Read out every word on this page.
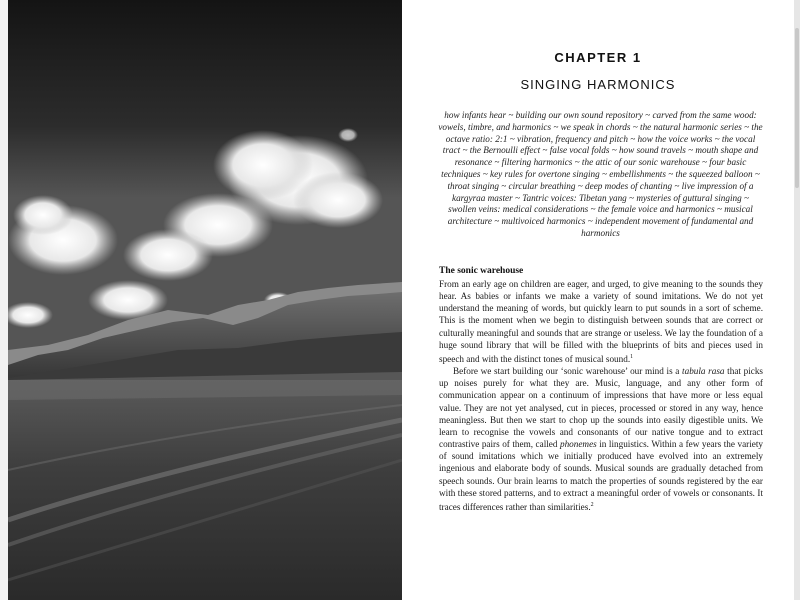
CHAPTER 1
SINGING HARMONICS
how infants hear ~ building our own sound repository ~ carved from the same wood: vowels, timbre, and harmonics ~ we speak in chords ~ the natural harmonic series ~ the octave ratio: 2:1 ~ vibration, frequency and pitch ~ how the voice works ~ the vocal tract ~ the Bernoulli effect ~ false vocal folds ~ how sound travels ~ mouth shape and resonance ~ filtering harmonics ~ the attic of our sonic warehouse ~ four basic techniques ~ key rules for overtone singing ~ embellishments ~ the squeezed balloon ~ throat singing ~ circular breathing ~ deep modes of chanting ~ live impression of a kargyraa master ~ Tantric voices: Tibetan yang ~ mysteries of guttural singing ~ swollen veins: medical considerations ~ the female voice and harmonics ~ musical architecture ~ multivoiced harmonics ~ independent movement of fundamental and harmonics
The sonic warehouse

From an early age on children are eager, and urged, to give meaning to the sounds they hear. As babies or infants we make a variety of sound imitations. We do not yet understand the meaning of words, but quickly learn to put sounds in a sort of scheme. This is the moment when we begin to distinguish between sounds that are correct or culturally meaningful and sounds that are strange or useless. We lay the foundation of a huge sound library that will be filled with the blueprints of bits and pieces used in speech and with the distinct tones of musical sound.$^1$

Before we start building our ‘sonic warehouse’ our mind is a tabula rasa that picks up noises purely for what they are. Music, language, and any other form of communication appear on a continuum of impressions that have more or less equal value. They are not yet analysed, cut in pieces, processed or stored in any way, hence meaningless. But then we start to chop up the sounds into easily digestible units. We learn to recognise the vowels and consonants of our native tongue and to extract contrastive pairs of them, called phonemes in linguistics. Within a few years the variety of sound imitations which we initially produced have evolved into an extremely ingenious and elaborate body of sounds. Musical sounds are gradually detached from speech sounds. Our brain learns to match the properties of sounds registered by the ear with these stored patterns, and to extract a meaningful order of vowels or consonants. It traces differences rather than similarities.$^2$
